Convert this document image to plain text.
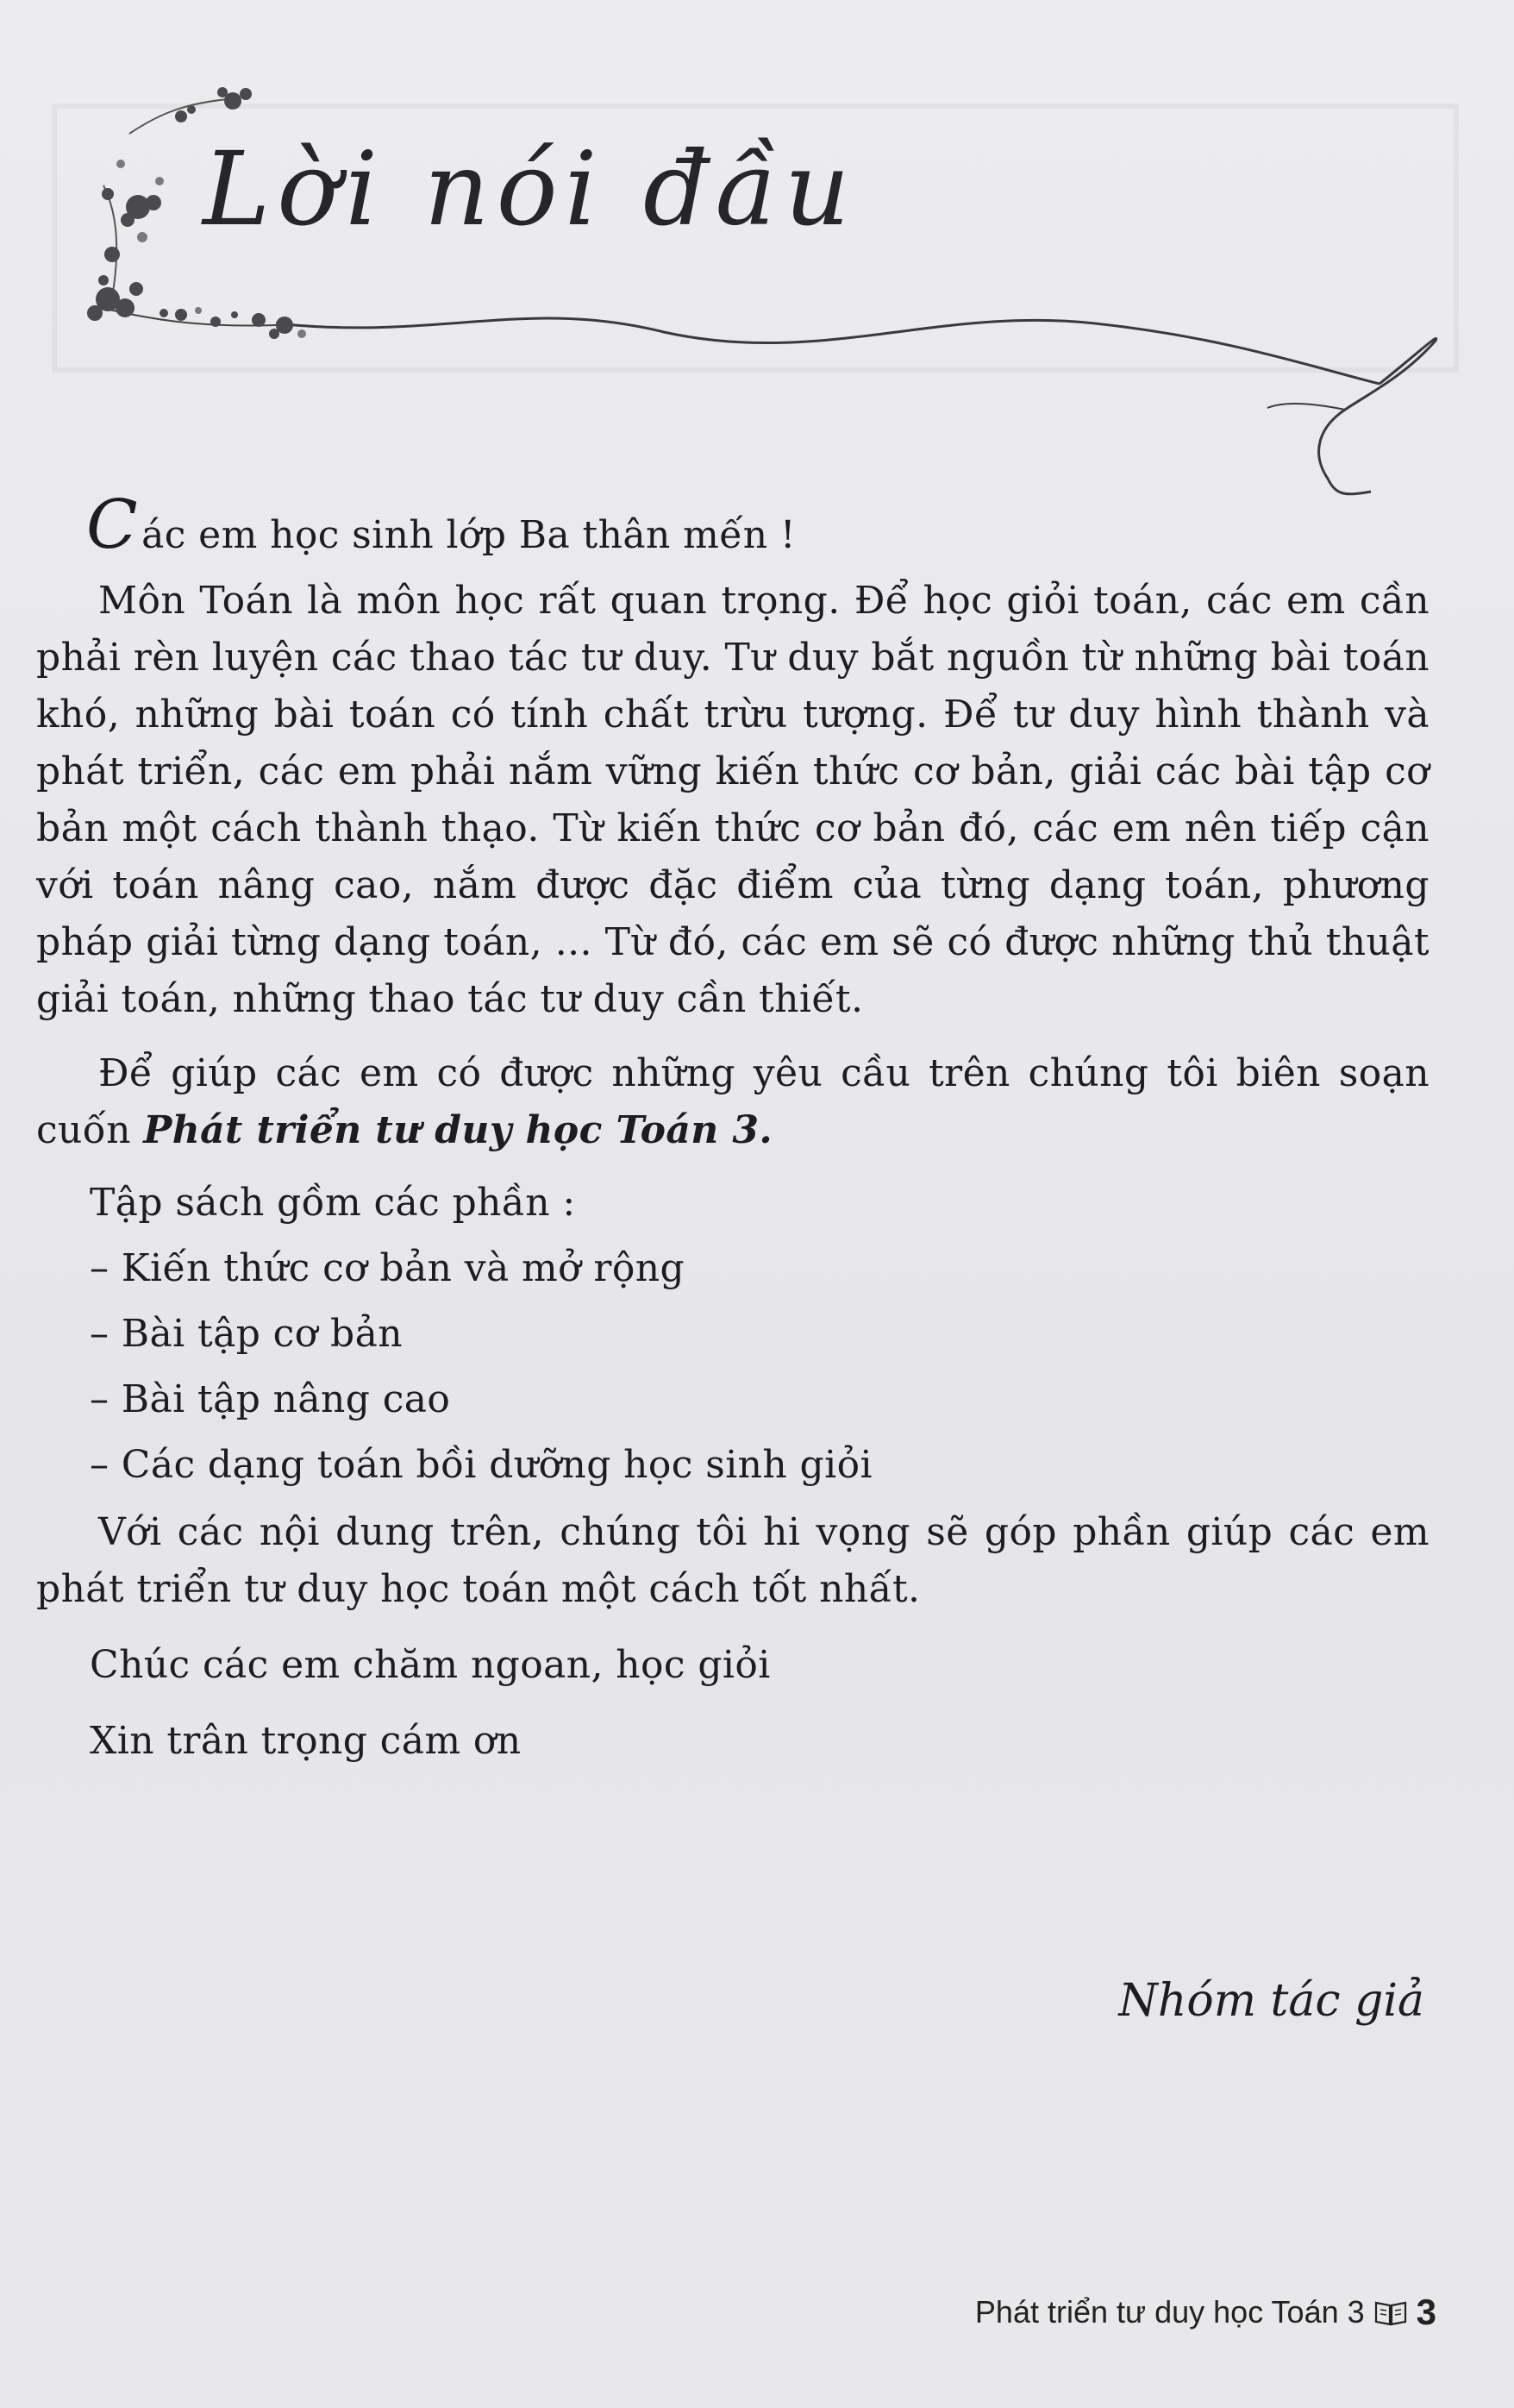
Lời nói đầu

Các em học sinh lớp Ba thân mến !

Môn Toán là môn học rất quan trọng. Để học giỏi toán, các em cần phải rèn luyện các thao tác tư duy. Tư duy bắt nguồn từ những bài toán khó, những bài toán có tính chất trừu tượng. Để tư duy hình thành và phát triển, các em phải nắm vững kiến thức cơ bản, giải các bài tập cơ bản một cách thành thạo. Từ kiến thức cơ bản đó, các em nên tiếp cận với toán nâng cao, nắm được đặc điểm của từng dạng toán, phương pháp giải từng dạng toán, ... Từ đó, các em sẽ có được những thủ thuật giải toán, những thao tác tư duy cần thiết.

Để giúp các em có được những yêu cầu trên chúng tôi biên soạn cuốn Phát triển tư duy học Toán 3.

Tập sách gồm các phần :

– Kiến thức cơ bản và mở rộng

– Bài tập cơ bản

– Bài tập nâng cao

– Các dạng toán bồi dưỡng học sinh giỏi

Với các nội dung trên, chúng tôi hi vọng sẽ góp phần giúp các em phát triển tư duy học toán một cách tốt nhất.

Chúc các em chăm ngoan, học giỏi

Xin trân trọng cám ơn

Nhóm tác giả
Phát triển tư duy học Toán 3 3
